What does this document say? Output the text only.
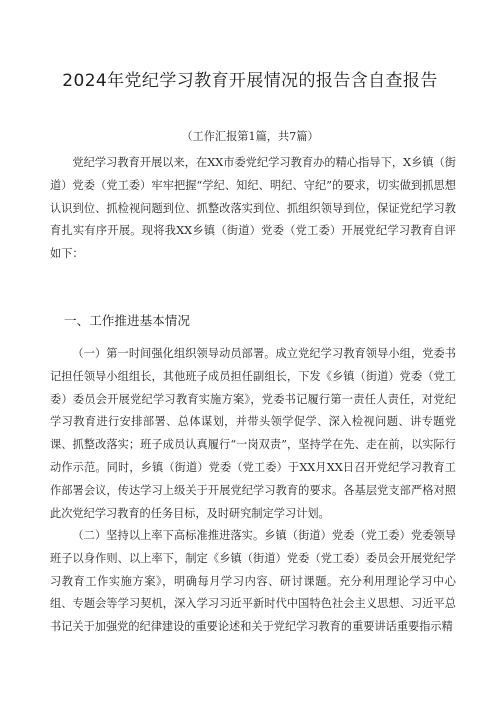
2024年党纪学习教育开展情况的报告含自查报告
（工作汇报第1篇，共7篇）

党纪学习教育开展以来，在XX市委党纪学习教育办的精心指导下，X乡镇（街道）党委（党工委）牢牢把握“学纪、知纪、明纪、守纪”的要求，切实做到抓思想认识到位、抓检视问题到位、抓整改落实到位、抓组织领导到位，保证党纪学习教育扎实有序开展。现将我XX乡镇（街道）党委（党工委）开展党纪学习教育自评如下：

一、工作推进基本情况

（一）第一时间强化组织领导动员部署。成立党纪学习教育领导小组，党委书记担任领导小组组长，其他班子成员担任副组长，下发《乡镇（街道）党委（党工委）委员会开展党纪学习教育实施方案》，党委书记履行第一责任人责任，对党纪学习教育进行安排部署、总体谋划，并带头领学促学、深入检视问题、讲专题党课、抓整改落实；班子成员认真履行“一岗双责”，坚持学在先、走在前，以实际行动作示范。同时，乡镇（街道）党委（党工委）于XX月XX日召开党纪学习教育工作部署会议，传达学习上级关于开展党纪学习教育的要求。各基层党支部严格对照此次党纪学习教育的任务目标，及时研究制定学习计划。

（二）坚持以上率下高标准推进落实。乡镇（街道）党委（党工委）党委领导班子以身作则、以上率下，制定《乡镇（街道）党委（党工委）委员会开展党纪学习教育工作实施方案》，明确每月学习内容、研讨课题。充分利用理论学习中心组、专题会等学习契机，深入学习习近平新时代中国特色社会主义思想、习近平总书记关于加强党的纪律建设的重要论述和关于党纪学习教育的重要讲话重要指示精
